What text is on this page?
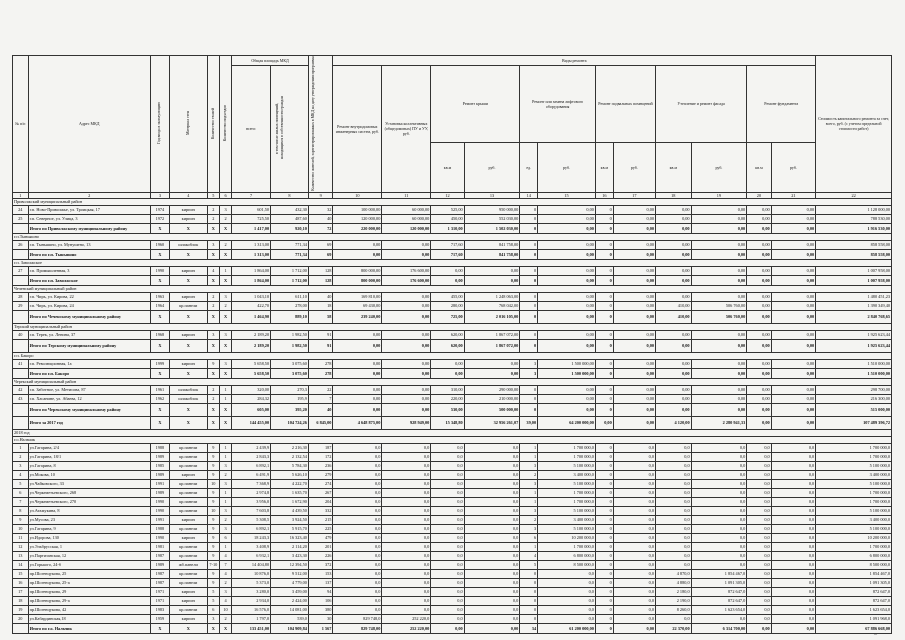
№ п/п	Адрес МКД	Год ввода в эксплуатацию	Материал стен	Количество этажей	Количество подъездов	Общая площадь МКД		Количество жителей, зарегистрированных в МКД на дату утверждения программы	Виды ремонта												Стоимость капитального ремонта за счет, всего, руб. (с учетом предельной стоимости работ)
						всего:	в том числе жилых помещений, находящихся в собственности граждан		Ремонт внутридомовых инженерных систем, руб.	Установка коллективных (общедомовых) ПУ и УУ, руб.	Ремонт крыши		Ремонт или замена лифтового оборудования		Ремонт подвальных помещений		Утепление и ремонт фасада		Ремонт фундамента		
											кв.м	руб.	ед.	руб.	кв.м	руб.	кв.м	руб.	кв.м	руб.	
1	2	3	4	5	6	7	8	9	10	11	12	13	14	15	16	17	18	19	20	21	22
Приволжский муниципальный район																					
24	г.п. Ново-Приволжье, ул. Троицкая, 17	1974	кирпич	2	3	601,50	432,30	32	100 000,00	60 000,00	525,00	950 000,00	0	0,00	0	0,00	0,00	0,00	0,00	0,00	1 128 000,00
25	г.п. Северное, ул. Улица, 3	1972	кирпич	2	2	725,50	487,60	40	120 000,00	60 000,00	450,00	552 030,00	0	0,00	0	0,00	0,00	0,00	0,00	0,00	788 530,00
	Итого по Приволжскому муниципальному району	Х	Х	Х	Х	1 417,00	920,10	72	220 000,00	120 000,00	1 310,00	1 502 030,00	0	0,00	0	0,00	0,00	0,00	0,00	0,00	1 916 530,00
г.п.Тыньяшно																					
26	г.п. Тыньяшно, ул. Мунушено, 13	1960	шлакоблок	3	2	1 313,00	771,34	69	0,00	0,00	717,60	841 758,00	0	0,00	0	0,00	0,00	0,00	0,00	0,00	858 558,00
	Итого по г.п. Тыньяшно	Х	Х	Х	Х	1 313,00	771,34	69	0,00	0,00	717,60	841 758,00	0	0,00	0	0,00	0,00	0,00	0,00	0,00	858 558,00
г.п. Заволжское																					
27	г.п. Промышленная, 3	1990	кирпич	4	1	1 864,00	1 712,00	128	800 000,00	176 600,00	0,00	0,00	0	0,00	0	0,00	0,00	0,00	0,00	0,00	1 007 958,00
	Итого по г.п. Заволжское	Х	Х	Х	Х	1 864,00	1 712,00	128	800 000,00	176 600,00	0,00	0,00	0	0,00	0	0,00	0,00	0,00	0,00	0,00	1 007 958,00
Чеченский муниципальный район																					
28	г.п. Чирь, ул. Кирова, 22	1963	кирпич	2	3	1 043,10	611,10	40	169 810,00	0,00	455,00	1 248 063,00	0	0,00	0	0,00	0,00	0,00	0,00	0,00	1 480 451,23
29	г.п. Чирь, ул. Кирова, 24	1964	кр.панели	2	2	422,70	278,00	18	69 430,00	0,00	280,00	768 042,00	0	0,00	0	0,00	410,00	506 760,00	0,00	0,00	1 390 349,40
	Итого по Чеченскому муниципальному району	Х	Х	Х	Х	1 464,90	889,10	58	239 240,00	0,00	725,00	2 016 105,00	0	0,00	0	0,00	410,00	506 760,00	0,00	0,00	2 840 768,65
Терский муниципальный район																					
40	г.п. Терек, ул. Ленина, 37	1968	кирпич	3	3	2 189,20	1 982,50	91	0,00	0,00	620,00	1 867 072,00	0	0,00	0	0,00	0,00	0,00	0,00	0,00	1 925 623,44
	Итого по Терскому муниципальному району	Х	Х	Х	Х	2 189,20	1 982,50	91	0,00	0,00	620,00	1 867 072,00	0	0,00	0	0,00	0,00	0,00	0,00	0,00	1 925 623,44
г.п. Бакоро																					
41	г.п. Революционная, 1а	1999	кирпич	9	3	5 658,50	3 075,60	278	0,00	0,00	0,00	0,00	3	1 500 000,00	0	0,00	0,00	0,00	0,00	0,00	1 510 000,00
	Итого по г.п. Бакоро	Х	Х	Х	Х	5 658,50	3 075,60	278	0,00	0,00	0,00	0,00	3	1 500 000,00	0	0,00	0,00	0,00	0,00	0,00	1 510 000,00
Черекский муниципальный район																					
42	г.п. Заботное, ул. Метисова, 87	1961	шлакоблок	2	1	320,00	270,3	22	0,00	0,00	310,00	290 000,00	0	0,00	0	0,00	0,00	0,00	0,00	0,00	298 700,00
43	г.п. Хасанине, ул. Абаева, 12	1962	шлакоблок	2	1	284,32	195,9	7	0,00	0,00	220,00	210 000,00	0	0,00	0	0,00	0,00	0,00	0,00	0,00	216 300,00
	Итого по Черекскому муниципальному району	Х	Х	Х	Х	605,00	395,20	40	0,00	0,00	530,00	500 000,00	0	0,00	0	0,00	0,00	0,00	0,00	0,00	515 000,00
	Итого за 2017 год	Х	Х	Х	Х	144 455,00	104 724,26	6 845,00	4 648 875,00	928 949,00	15 348,80	32 956 261,07	39,00	64 200 000,00	0,00	0,00	4 120,00	2 280 941,33	0,00	0,00	107 489 396,72
2018 год																					
г.о.Нальчик																					
1	ул.Гагарина, 2/4	1988	кр.панели	9	1	2 439,9	2 216,30	187	0,0	0,0	0,0	0,0	1	1 700 000,0	0	0,0	0,0	0,0	0,0	0,0	1 700 000,0
2	ул.Гагарина, 18/1	1989	кр.панели	9	1	2 843,3	2 132,54	172	0,0	0,0	0,0	0,0	1	1 700 000,0	0	0,0	0,0	0,0	0,0	0,0	1 700 000,0
3	ул.Гагарина, 8	1985	кр.панели	9	3	6 892,1	5 784,30	236	0,0	0,0	0,0	0,0	3	5 100 000,0	0	0,0	0,0	0,0	0,0	0,0	5 100 000,0
4	ул.Мокова, 10	1989	кирпич	9	2	6 491,9	5 626,10	279	0,0	0,0	0,0	0,0	2	3 400 000,0	0	0,0	0,0	0,0	0,0	0,0	3 400 000,0
5	ул.Чайковского, 33	1991	кр.панели	10	3	7 368,9	4 222,70	274	0,0	0,0	0,0	0,0	3	5 100 000,0	0	0,0	0,0	0,0	0,0	0,0	5 100 000,0
6	ул.Черкеметьевского, 268	1989	кр.панели	9	1	2 974,8	1 635,70	267	0,0	0,0	0,0	0,0	1	1 700 000,0	0	0,0	0,0	0,0	0,0	0,0	1 700 000,0
7	ул.Черкеметьевского, 270	1990	кр.панели	9	1	3 956,0	1 672,90	204	0,0	0,0	0,0	0,0	1	1 700 000,0	0	0,0	0,0	0,0	0,0	0,0	1 700 000,0
8	ул.Атажукина, 8	1990	кр.панели	10	3	7 603,8	4 439,50	332	0,0	0,0	0,0	0,0	3	5 100 000,0	0	0,0	0,0	0,0	0,0	0,0	5 100 000,0
9	ул.Мусова, 23	1991	кирпич	9	2	5 308,5	3 924,50	215	0,0	0,0	0,0	0,0	2	3 400 000,0	0	0,0	0,0	0,0	0,0	0,0	3 400 000,0
10	ул.Гагарина, 9	1988	кр.панели	9	3	6 892,1	5 915,70	225	0,0	0,0	0,0	0,0	3	5 100 000,0	0	0,0	0,0	0,0	0,0	0,0	5 100 000,0
11	ул.Идорова, 130	1990	кирпич	9	6	18 243,3	16 323,40	479	0,0	0,0	0,0	0,0	6	10 200 000,0	0	0,0	0,0	0,0	0,0	0,0	10 200 000,0
12	ул.Эльбрусская, 1	1981	кр.панели	9	1	3 408,9	2 114,20	201	0,0	0,0	0,0	0,0	1	1 700 000,0	0	0,0	0,0	0,0	0,0	0,0	1 700 000,0
13	ул.Партизанская, 12	1987	кр.панели	9	4	6 932,1	3 423,30	226	0,0	0,0	0,0	0,0	4	6 800 000,0	0	0,0	0,0	0,0	0,0	0,0	6 800 000,0
14	ул.Горького, 24-б	1989	жб.панели	7-10	7	14 404,80	12 394,50	372	0,0	0,0	0,0	0,0	5	8 500 000,0	0	0,0	0,0	0,0	0,0	0,0	8 500 000,0
15	пр.Шогенцукова, 25	1987	кр.панели	9	4	10 876,0	9 512,00	153	0,0	0,0	0,0	0,0	0	0,0	0	0,0	4 870,0	1 854 467,0	0,0	0,0	1 854 467,0
16	пр.Шогенцукова, 25-а	1987	кр.панели	9	2	5 373,0	4 779,00	137	0,0	0,0	0,0	0,0	0	0,0	0	0,0	4 880,0	1 091 305,0	0,0	0,0	1 091 305,0
17	пр.Шогенцукова, 29	1971	кирпич	5	3	3 280,0	3 459,00	94	0,0	0,0	0,0	0,0	0	0,0	0	0,0	2 180,0	872 647,0	0,0	0,0	872 647,0
18	пр.Шогенцукова, 29-а	1971	кирпич	5	4	2 934,0	2 424,00	106	0,0	0,0	0,0	0,0	0	0,0	0	0,0	2 190,0	872 647,0	0,0	0,0	872 647,0
19	пр.Шогенцукова, 42	1983	кр.панели	6	10	16 576,0	14 081,00	380	0,0	0,0	0,0	0,0	0	0,0	0	0,0	8 260,0	1 623 654,0	0,0	0,0	1 623 654,0
20	ул.Кабардинская,18	1959	кирпич	3	2	1 797,0	539,0	30	829 748,0	252 220,0	0,0	0,0	0	0,0	0	0,0	0,0	0,0	0,0	0,0	1 091 968,0
	Итого по г.о. Нальчик	Х	Х	Х	Х	133 451,00	104 909,84	1 567	829 748,00	252 220,00	0,00	0,00	34	61 200 000,00	0	0,00	22 370,00	6 314 700,00	0,00	0,00	67 886 668,00
–
